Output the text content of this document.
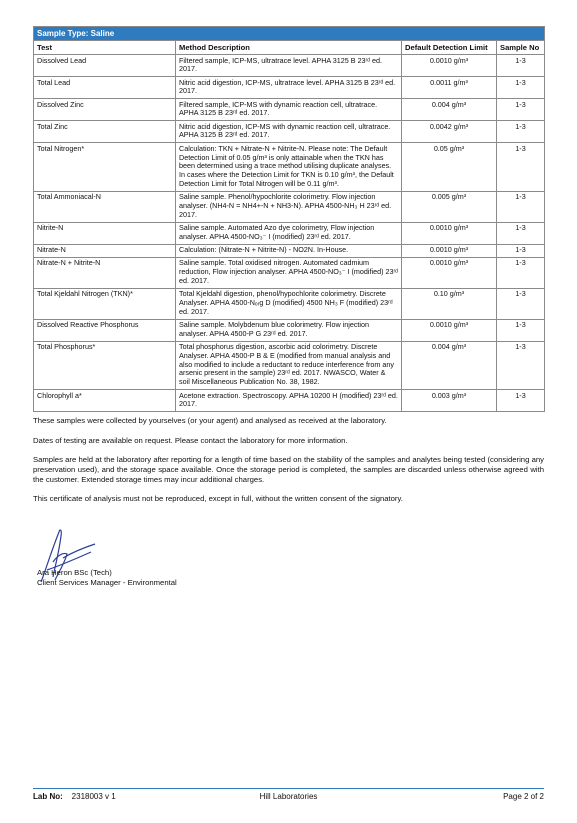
Sample Type: Saline			
Test	Method Description	Default Detection Limit	Sample No
Dissolved Lead	Filtered sample, ICP-MS, ultratrace level. APHA 3125 B 23ʳᵈ ed. 2017.	0.0010 g/m³	1-3
Total Lead	Nitric acid digestion, ICP-MS, ultratrace level. APHA 3125 B 23ʳᵈ ed. 2017.	0.0011 g/m³	1-3
Dissolved Zinc	Filtered sample, ICP-MS with dynamic reaction cell, ultratrace. APHA 3125 B 23ʳᵈ ed. 2017.	0.004 g/m³	1-3
Total Zinc	Nitric acid digestion, ICP-MS with dynamic reaction cell, ultratrace. APHA 3125 B 23ʳᵈ ed. 2017.	0.0042 g/m³	1-3
Total Nitrogen*	Calculation: TKN + Nitrate-N + Nitrite-N. Please note: The Default Detection Limit of 0.05 g/m³ is only attainable when the TKN has been determined using a trace method utilising duplicate analyses. In cases where the Detection Limit for TKN is 0.10 g/m³, the Default Detection Limit for Total Nitrogen will be 0.11 g/m³.	0.05 g/m³	1-3
Total Ammoniacal-N	Saline sample. Phenol/hypochlorite colorimetry. Flow injection analyser. (NH4-N = NH4+-N + NH3-N). APHA 4500-NH₃ H 23ʳᵈ ed. 2017.	0.005 g/m³	1-3
Nitrite-N	Saline sample. Automated Azo dye colorimetry, Flow injection analyser. APHA 4500-NO₃⁻ I (modified) 23ʳᵈ ed. 2017.	0.0010 g/m³	1-3
Nitrate-N	Calculation: (Nitrate-N + Nitrite-N) - NO2N. In-House.	0.0010 g/m³	1-3
Nitrate-N + Nitrite-N	Saline sample. Total oxidised nitrogen. Automated cadmium reduction, Flow injection analyser. APHA 4500-NO₃⁻ I (modified) 23ʳᵈ ed. 2017.	0.0010 g/m³	1-3
Total Kjeldahl Nitrogen (TKN)*	Total Kjeldahl digestion, phenol/hypochlorite colorimetry. Discrete Analyser. APHA 4500-Nₒᵣg D (modified) 4500 NH₃ F (modified) 23ʳᵈ ed. 2017.	0.10 g/m³	1-3
Dissolved Reactive Phosphorus	Saline sample. Molybdenum blue colorimetry. Flow injection analyser. APHA 4500-P G 23ʳᵈ ed. 2017.	0.0010 g/m³	1-3
Total Phosphorus*	Total phosphorus digestion, ascorbic acid colorimetry. Discrete Analyser. APHA 4500-P B & E (modified from manual analysis and also modified to include a reductant to reduce interference from any arsenic present in the sample) 23ʳᵈ ed. 2017. NWASCO, Water & soil Miscellaneous Publication No. 38, 1982.	0.004 g/m³	1-3
Chlorophyll a*	Acetone extraction. Spectroscopy. APHA 10200 H (modified) 23ʳᵈ ed. 2017.	0.003 g/m³	1-3

These samples were collected by yourselves (or your agent) and analysed as received at the laboratory.

Dates of testing are available on request. Please contact the laboratory for more information.

Samples are held at the laboratory after reporting for a length of time based on the stability of the samples and analytes being tested (considering any preservation used), and the storage space available. Once the storage period is completed, the samples are discarded unless otherwise agreed with the customer. Extended storage times may incur additional charges.

This certificate of analysis must not be reproduced, except in full, without the written consent of the signatory.

Ara Heron BSc (Tech)
Client Services Manager - Environmental
Lab No: 2318003 v 1	Hill Laboratories	Page 2 of 2
